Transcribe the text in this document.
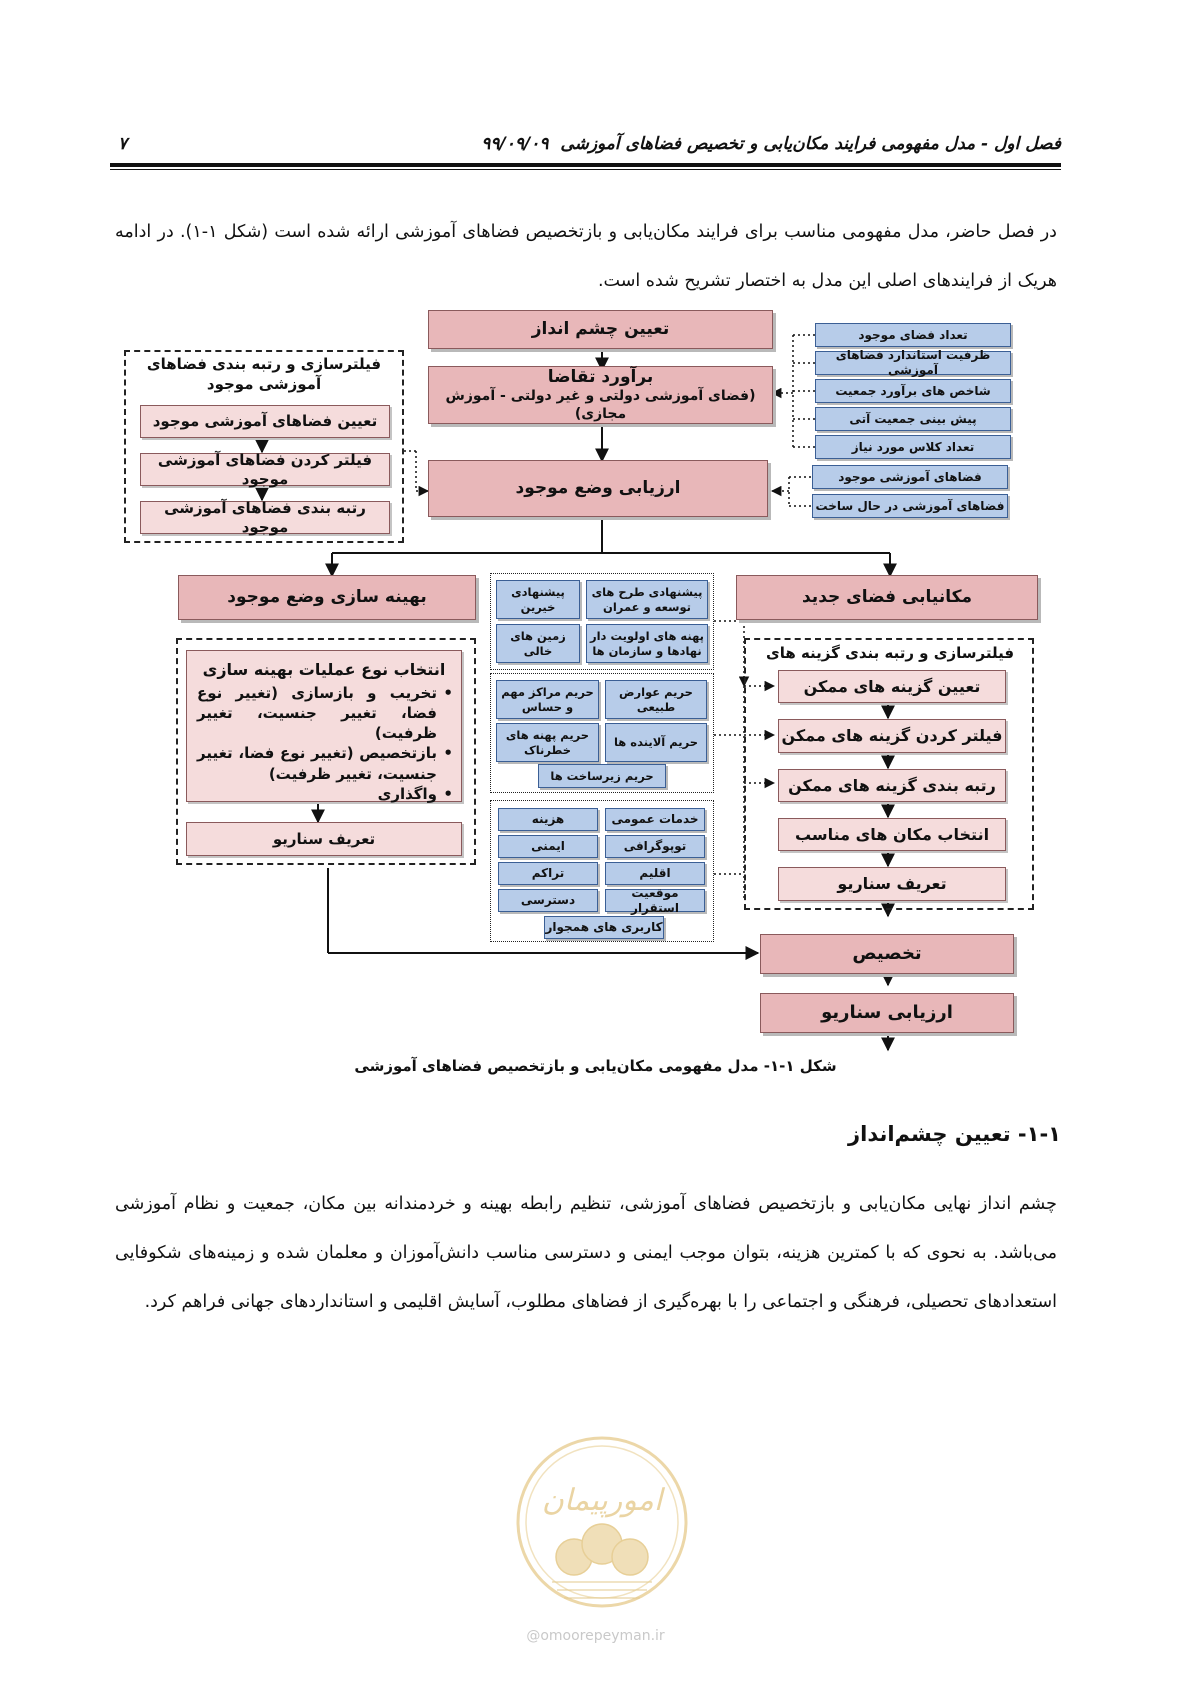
فصل اول - مدل مفهومی فرایند مکان‌یابی و تخصیص فضاهای آموزشی ۹۹/۰۹/۰۹
۷

در فصل حاضر، مدل مفهومی مناسب برای فرایند مکان‌یابی و بازتخصیص فضاهای آموزشی ارائه شده است (شکل ۱-۱). در ادامه هریک از فرایندهای اصلی این مدل به اختصار تشریح شده است.

تعیین چشم انداز
برآورد تقاضا
(فضای آموزشی دولتی و غیر دولتی - آموزش مجازی)
ارزیابی وضع موجود
تعداد فضای موجود
ظرفیت استاندارد فضاهای آموزشی
شاخص های برآورد جمعیت
پیش بینی جمعیت آتی
تعداد کلاس مورد نیاز
فضاهای آموزشی موجود
فضاهای آموزشی در حال ساخت
فیلترسازی و رتبه بندی فضاهای آموزشی موجود
تعیین فضاهای آموزشی موجود
فیلتر کردن فضاهای آموزشی موجود
رتبه بندی فضاهای آموزشی موجود
بهینه سازی وضع موجود	مکانیابی فضای جدید
انتخاب نوع عملیات بهینه سازی
• تخریب و بازسازی (تغییر نوع فضا، تغییر جنسیت، تغییر ظرفیت)
• بازتخصیص (تغییر نوع فضا، تغییر جنسیت، تغییر ظرفیت)
• واگذاری
تعریف سناریو
پیشنهادی طرح های توسعه و عمران
پیشنهادی خیرین
پهنه های اولویت دار نهادها و سازمان ها
زمین های خالی
حریم عوارض طبیعی
حریم مراکز مهم و حساس
حریم آلاینده ها
حریم پهنه های خطرناک
حریم زیرساخت ها
خدمات عمومی
هزینه
توپوگرافی
ایمنی
اقلیم
تراکم
موقعیت استقرار
دسترسی
کاربری های همجوار
فیلترسازی و رتبه بندی گزینه های
تعیین گزینه های ممکن
فیلتر کردن گزینه های ممکن
رتبه بندی گزینه های ممکن
انتخاب مکان های مناسب
تعریف سناریو
تخصیص
ارزیابی سناریو
شکل ۱-۱- مدل مفهومی مکان‌یابی و بازتخصیص فضاهای آموزشی
۱-۱- تعیین چشم‌انداز

چشم انداز نهایی مکان‌یابی و بازتخصیص فضاهای آموزشی، تنظیم رابطه بهینه و خردمندانه بین مکان، جمعیت و نظام آموزشی می‌باشد. به نحوی که با کمترین هزینه، بتوان موجب ایمنی و دسترسی مناسب دانش‌آموزان و معلمان شده و زمینه‌های شکوفایی استعدادهای تحصیلی، فرهنگی و اجتماعی را با بهره‌گیری از فضاهای مطلوب، آسایش اقلیمی و استانداردهای جهانی فراهم کرد.

امورپیمان
@omoorepeyman.ir
